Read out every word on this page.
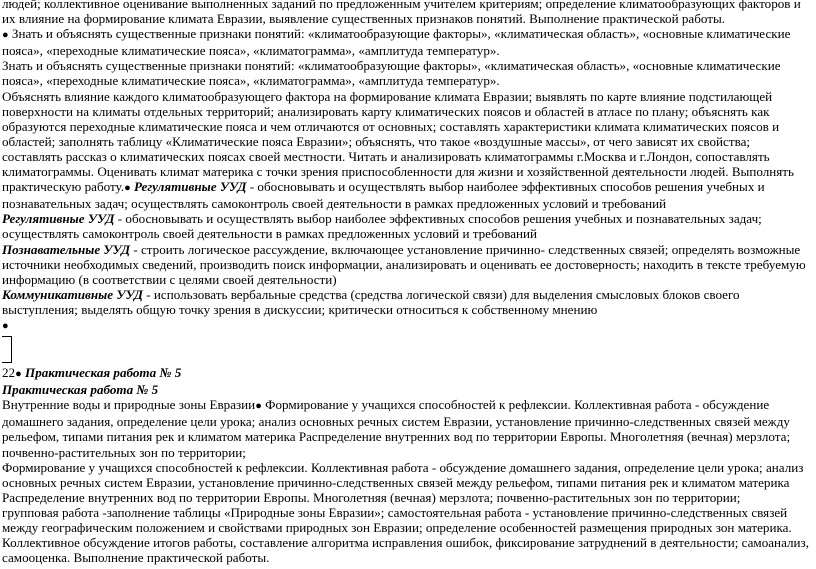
людей; коллективное оценивание выполненных заданий по предложенным учителем критериям; определение климатообразующих факторов и их влияние на формирование климата Евразии, выявление существенных признаков понятий. Выполнение практической работы.

● Знать и объяснять существенные признаки понятий: «климатообразующие факторы», «климатическая область», «основные климатические пояса», «переходные климатические пояса», «климатограмма», «амплитуда температур».

Знать и объяснять существенные признаки понятий: «климатообразующие факторы», «климатическая область», «основные климатические пояса», «переходные климатические пояса», «климатограмма», «амплитуда температур».

Объяснять влияние каждого климатообразующего фактора на формирование климата Евразии; выявлять по карте влияние подстилающей поверхности на климаты отдельных территорий; анализировать карту климатических поясов и областей в атласе по плану; объяснять как образуются переходные климатические пояса и чем отличаются от основных; составлять характеристики климата климатических поясов и областей; заполнять таблицу «Климатические пояса Евразии»; объяснять, что такое «воздушные массы», от чего зависят их свойства; составлять рассказ о климатических поясах своей местности. Читать и анализировать климатограммы г.Москва и г.Лондон, сопоставлять климатограммы. Оценивать климат материка с точки зрения приспособленности для жизни и хозяйственной деятельности людей. Выполнять практическую работу.● Регулятивные УУД - обосновывать и осуществлять выбор наиболее эффективных способов решения учебных и познавательных задач; осуществлять самоконтроль своей деятельности в рамках предложенных условий и требований

Регулятивные УУД - обосновывать и осуществлять выбор наиболее эффективных способов решения учебных и познавательных задач; осуществлять самоконтроль своей деятельности в рамках предложенных условий и требований

Познавательные УУД - строить логическое рассуждение, включающее установление причинно- следственных связей; определять возможные источники необходимых сведений, производить поиск информации, анализировать и оценивать ее достоверность; находить в тексте требуемую информацию (в соответствии с целями своей деятельности)

Коммуникативные УУД - использовать вербальные средства (средства логической связи) для выделения смысловых блоков своего выступления; выделять общую точку зрения в дискуссии; критически относиться к собственному мнению

●

22● Практическая работа № 5

Практическая работа № 5

Внутренние воды и природные зоны Евразии● Формирование у учащихся способностей к рефлексии. Коллективная работа - обсуждение домашнего задания, определение цели урока; анализ основных речных систем Евразии, установление причинно-следственных связей между рельефом, типами питания рек и климатом материка Распределение внутренних вод по территории Европы. Многолетняя (вечная) мерзлота; почвенно-растительных зон по территории;

Формирование у учащихся способностей к рефлексии. Коллективная работа - обсуждение домашнего задания, определение цели урока; анализ основных речных систем Евразии, установление причинно-следственных связей между рельефом, типами питания рек и климатом материка Распределение внутренних вод по территории Европы. Многолетняя (вечная) мерзлота; почвенно-растительных зон по территории;

групповая работа -заполнение таблицы «Природные зоны Евразии»; самостоятельная работа - установление причинно-следственных связей между географическим положением и свойствами природных зон Евразии; определение особенностей размещения природных зон материка. Коллективное обсуждение итогов работы, составление алгоритма исправления ошибок, фиксирование затруднений в деятельности; самоанализ, самооценка. Выполнение практической работы.
